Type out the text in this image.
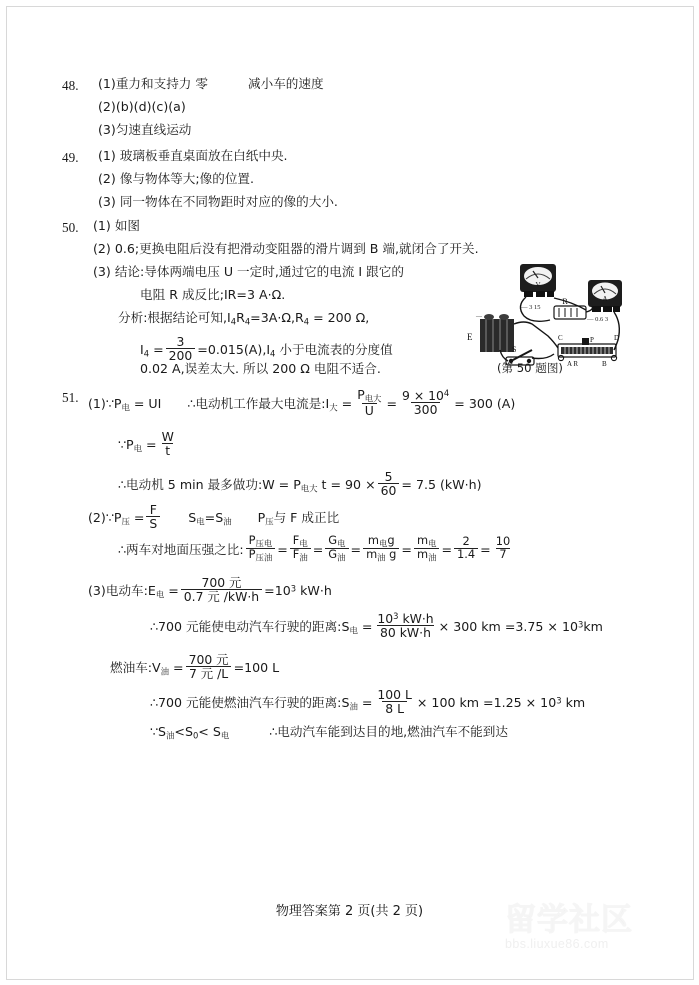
48. (1)重力和支持力 零	减小车的速度
(2)(b)(d)(c)(a)
(3)匀速直线运动
49. (1) 玻璃板垂直桌面放在白纸中央.
(2) 像与物体等大;像的位置.
(3) 同一物体在不同物距时对应的像的大小.
50. (1) 如图
(2) 0.6;更换电阻后没有把滑动变阻器的滑片调到 B 端,就闭合了开关.
(3) 结论:导体两端电压 U 一定时,通过它的电流 I 跟它的
电阻 R 成反比;IR=3 A·Ω.
分析:根据结论可知$,I_4R_4=3A\cdot\Omega,R_4 = 200$ Ω,
$I_4 = \frac{3}{200} =0.015(A),I_4$ 小于电流表的分度值
0.02 A,误差太大. 所以 200 Ω 电阻不适合.
V
— 3 15
R	A
— 0.6 3
—
E
S
P
C	D
A R	B
(第 50 题图)
51. $(1)\because P_电$ = UI ∴电动机工作最大电流是$:I_大 = \frac{P_{电大}}{U} = \frac{9 \times 10^4}{300} = 300$ (A)
$\because P_电 = \frac{W}{t}$
∴电动机 5 min 最多做功:W = $P_{电大}$ $t = 90 \times \frac{5}{60} = 7.5$ (kW·h)
$(2)\because P_压 = \frac{F}{S} S_电=S_油$ $P_压$与 F 成正比
∴两车对地面压强之比: $\frac{P_{压电}}{P_{压油}} = \frac{F_电}{F_油} = \frac{G_电}{G_油} = \frac{m_电g}{m_油 g} = \frac{m_电}{m_油} = \frac{2}{1.4} = \frac{10}{7}$
(3)电动车$:E_电 = \frac{\text{700 元}}{\text{0.7 元 /kW·h}} =10^3$ kW·h
∴700 元能使电动汽车行驶的距离$:S_电 = \frac{10^3 kW\cdot h}{80 kW\cdot h} \times 300$ km $=3.75 \times 10^3km$
燃油车$:V_油 = \frac{\text{700 元}}{\text{7 元 /L}} =100$ L
∴700 元能使燃油汽车行驶的距离$:S_油 = \frac{100 L}{8 L} \times 100$ km $=1.25 \times 10^3$ km
$\because S_油<S_0< S_电$	∴电动汽车能到达目的地,燃油汽车不能到达
物理答案第 2 页(共 2 页)	留学社区
bbs.liuxue86.com
